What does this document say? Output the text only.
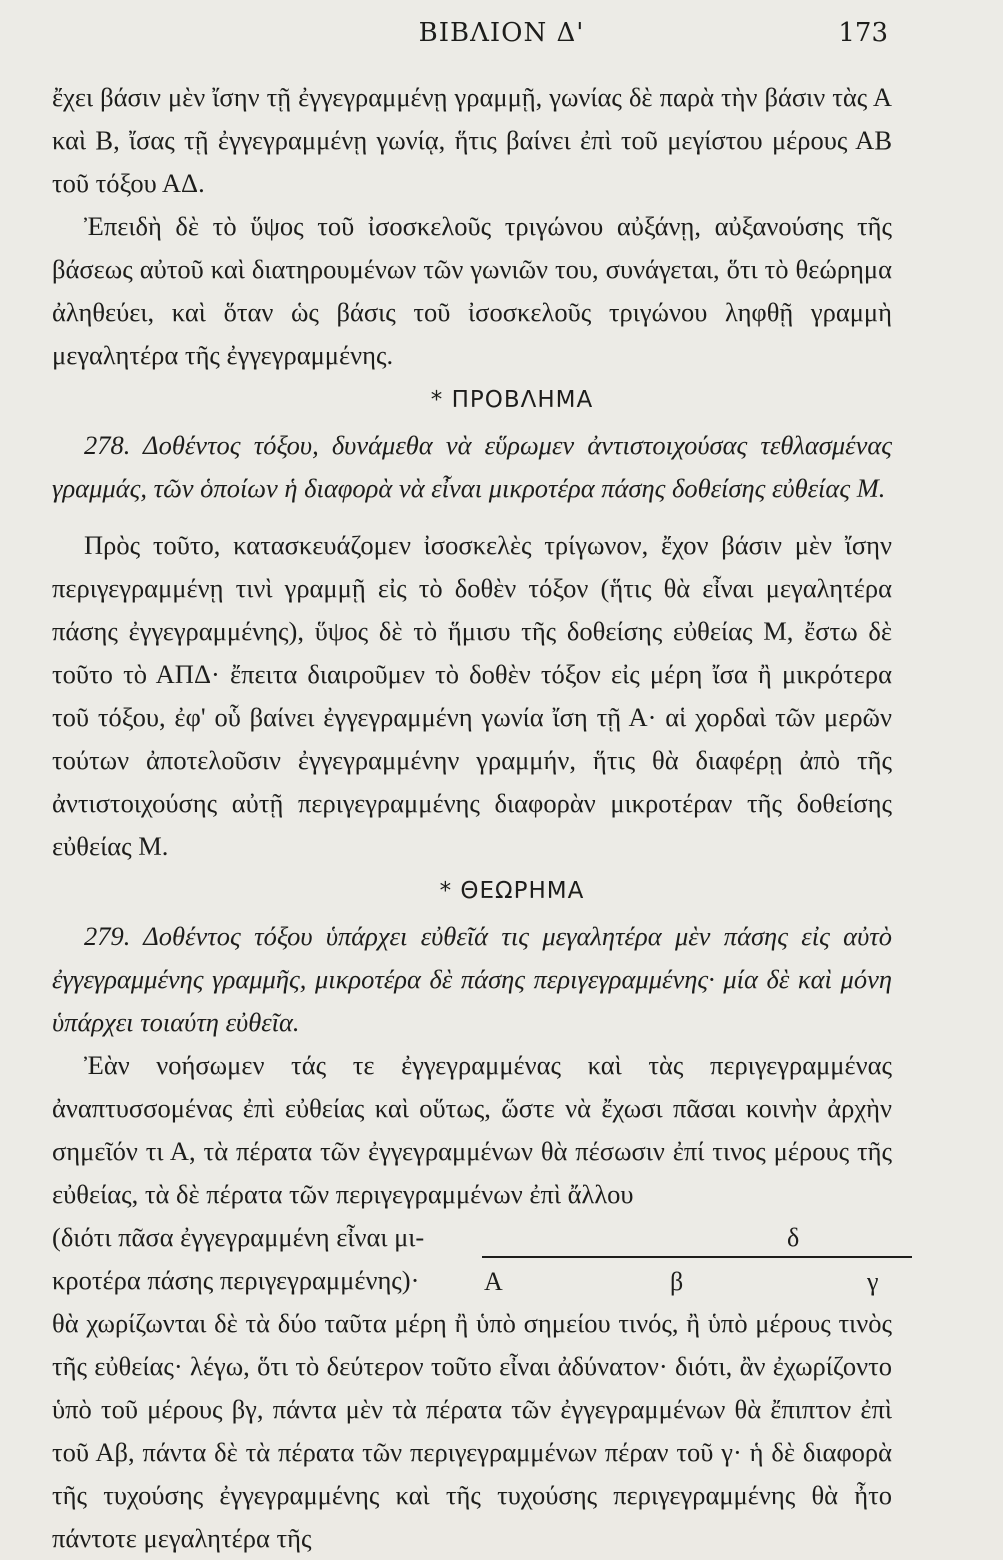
ΒΙΒΛΙΟΝ Δ'	173

ἔχει βάσιν μὲν ἴσην τῇ ἐγγεγραμμένῃ γραμμῇ, γωνίας δὲ παρὰ τὴν βάσιν τὰς Α καὶ Β, ἴσας τῇ ἐγγεγραμμένῃ γωνίᾳ, ἥτις βαίνει ἐπὶ τοῦ μεγίστου μέρους ΑΒ τοῦ τόξου ΑΔ.

Ἐπειδὴ δὲ τὸ ὕψος τοῦ ἰσοσκελοῦς τριγώνου αὐξάνῃ, αὐξανούσης τῆς βάσεως αὐτοῦ καὶ διατηρουμένων τῶν γωνιῶν του, συνάγεται, ὅτι τὸ θεώρημα ἀληθεύει, καὶ ὅταν ὡς βάσις τοῦ ἰσοσκελοῦς τριγώνου ληφθῇ γραμμὴ μεγαλητέρα τῆς ἐγγεγραμμένης.

* ΠΡΟΒΛΗΜΑ

278. Δοθέντος τόξου, δυνάμεθα νὰ εὕρωμεν ἀντιστοιχούσας τεθλασμένας γραμμάς, τῶν ὁποίων ἡ διαφορὰ νὰ εἶναι μικροτέρα πάσης δοθείσης εὐθείας Μ.

Πρὸς τοῦτο, κατασκευάζομεν ἰσοσκελὲς τρίγωνον, ἔχον βάσιν μὲν ἴσην περιγεγραμμένῃ τινὶ γραμμῇ εἰς τὸ δοθὲν τόξον (ἥτις θὰ εἶναι μεγαλητέρα πάσης ἐγγεγραμμένης), ὕψος δὲ τὸ ἥμισυ τῆς δοθείσης εὐθείας Μ, ἔστω δὲ τοῦτο τὸ ΑΠΔ· ἔπειτα διαιροῦμεν τὸ δοθὲν τόξον εἰς μέρη ἴσα ἢ μικρότερα τοῦ τόξου, ἐφ' οὗ βαίνει ἐγγεγραμμένη γωνία ἴση τῇ Α· αἱ χορδαὶ τῶν μερῶν τούτων ἀποτελοῦσιν ἐγγεγραμμένην γραμμήν, ἥτις θὰ διαφέρῃ ἀπὸ τῆς ἀντιστοιχούσης αὐτῇ περιγεγραμμένης διαφορὰν μικροτέραν τῆς δοθείσης εὐθείας Μ.

* ΘΕΩΡΗΜΑ

279. Δοθέντος τόξου ὑπάρχει εὐθεῖά τις μεγαλητέρα μὲν πάσης εἰς αὐτὸ ἐγγεγραμμένης γραμμῆς, μικροτέρα δὲ πάσης περιγεγραμμένης· μία δὲ καὶ μόνη ὑπάρχει τοιαύτη εὐθεῖα.

Ἐὰν νοήσωμεν τάς τε ἐγγεγραμμένας καὶ τὰς περιγεγραμμένας ἀναπτυσσομένας ἐπὶ εὐθείας καὶ οὕτως, ὥστε νὰ ἔχωσι πᾶσαι κοινὴν ἀρχὴν σημεῖόν τι Α, τὰ πέρατα τῶν ἐγγεγραμμένων θὰ πέσωσιν ἐπί τινος μέρους τῆς εὐθείας, τὰ δὲ πέρατα τῶν περιγεγραμμένων ἐπὶ ἄλλου

(διότι πᾶσα ἐγγεγραμμένη εἶναι μι-
κροτέρα πάσης περιγεγραμμένης)· Α	β	γ
δ

θὰ χωρίζωνται δὲ τὰ δύο ταῦτα μέρη ἢ ὑπὸ σημείου τινός, ἢ ὑπὸ μέρους τινὸς τῆς εὐθείας· λέγω, ὅτι τὸ δεύτερον τοῦτο εἶναι ἀδύνατον· διότι, ἂν ἐχωρίζοντο ὑπὸ τοῦ μέρους βγ, πάντα μὲν τὰ πέρατα τῶν ἐγγεγραμμένων θὰ ἔπιπτον ἐπὶ τοῦ Αβ, πάντα δὲ τὰ πέρατα τῶν περιγεγραμμένων πέραν τοῦ γ· ἡ δὲ διαφορὰ τῆς τυχούσης ἐγγεγραμμένης καὶ τῆς τυχούσης περιγεγραμμένης θὰ ἦτο πάντοτε μεγαλητέρα τῆς
